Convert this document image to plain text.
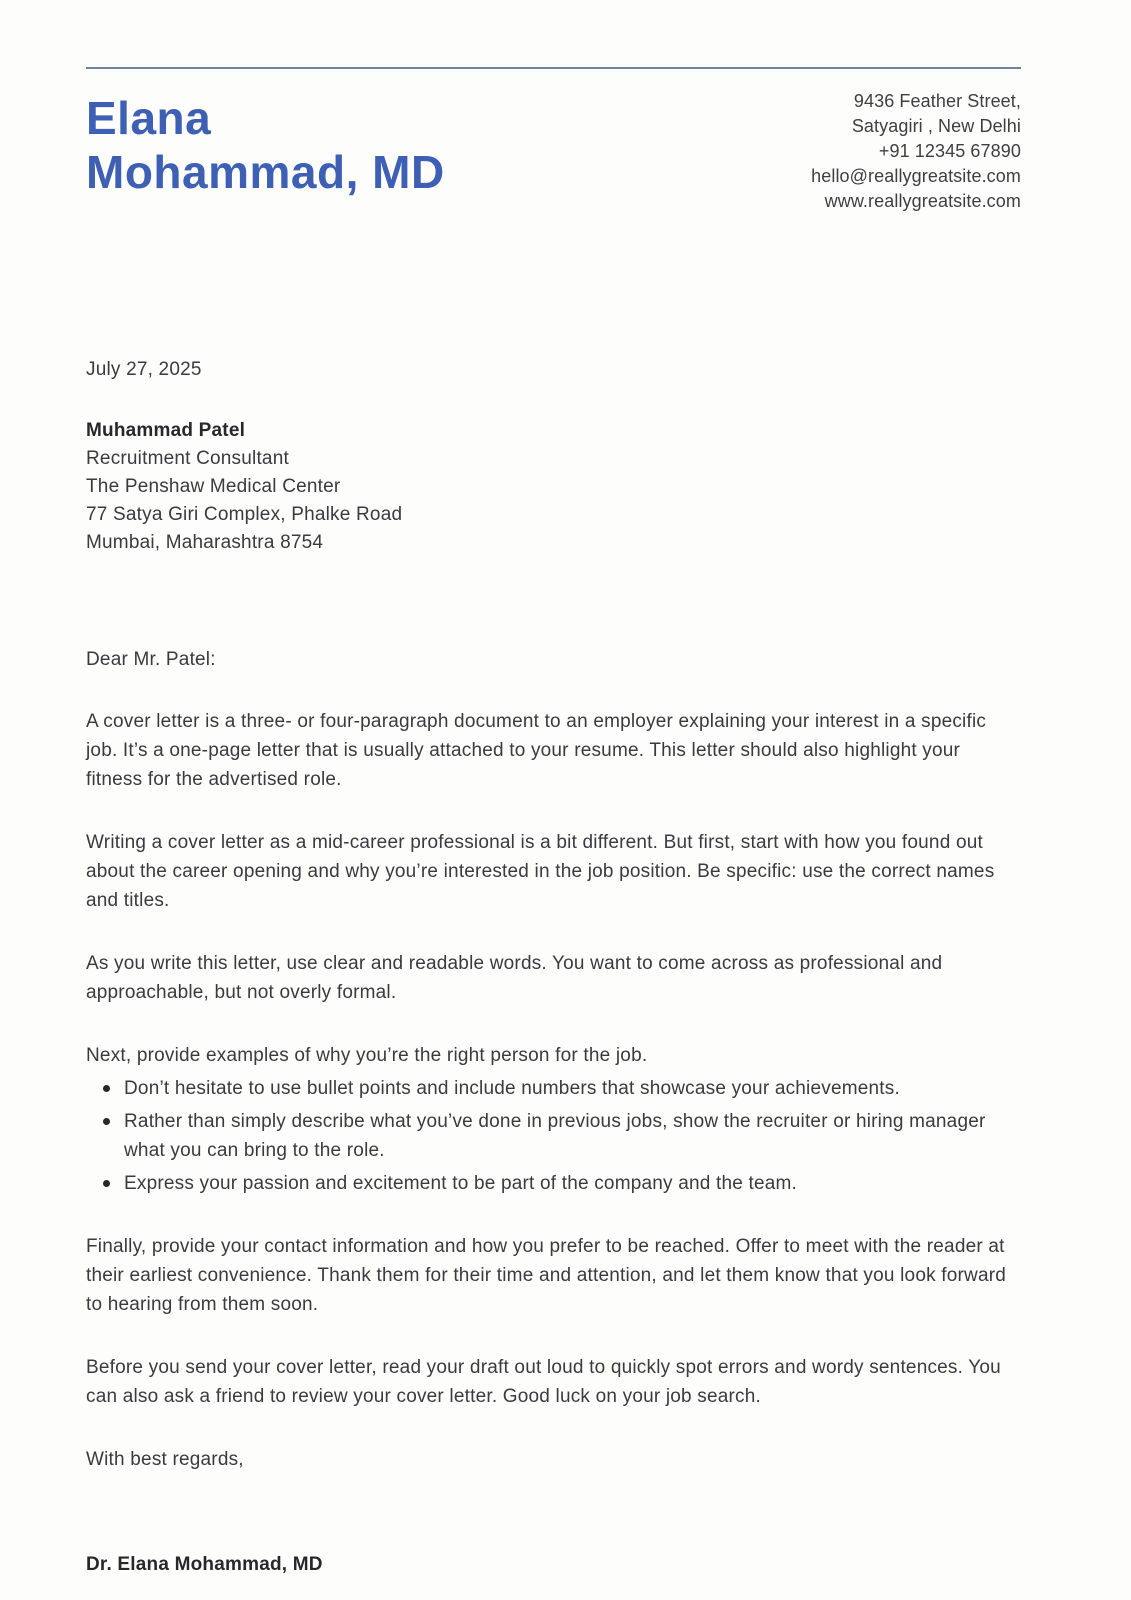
Elana
Mohammad, MD
9436 Feather Street,
Satyagiri , New Delhi
+91 12345 67890
hello@reallygreatsite.com
www.reallygreatsite.com
July 27, 2025
Muhammad Patel
Recruitment Consultant
The Penshaw Medical Center
77 Satya Giri Complex, Phalke Road
Mumbai, Maharashtra 8754

Dear Mr. Patel:

A cover letter is a three- or four-paragraph document to an employer explaining your interest in a specific job. It’s a one-page letter that is usually attached to your resume. This letter should also highlight your fitness for the advertised role.

Writing a cover letter as a mid-career professional is a bit different. But first, start with how you found out about the career opening and why you’re interested in the job position. Be specific: use the correct names and titles.

As you write this letter, use clear and readable words. You want to come across as professional and approachable, but not overly formal.

Next, provide examples of why you’re the right person for the job.

Don’t hesitate to use bullet points and include numbers that showcase your achievements.
Rather than simply describe what you’ve done in previous jobs, show the recruiter or hiring manager what you can bring to the role.
Express your passion and excitement to be part of the company and the team.

Finally, provide your contact information and how you prefer to be reached. Offer to meet with the reader at their earliest convenience. Thank them for their time and attention, and let them know that you look forward to hearing from them soon.

Before you send your cover letter, read your draft out loud to quickly spot errors and wordy sentences. You can also ask a friend to review your cover letter. Good luck on your job search.

With best regards,

Dr. Elana Mohammad, MD
